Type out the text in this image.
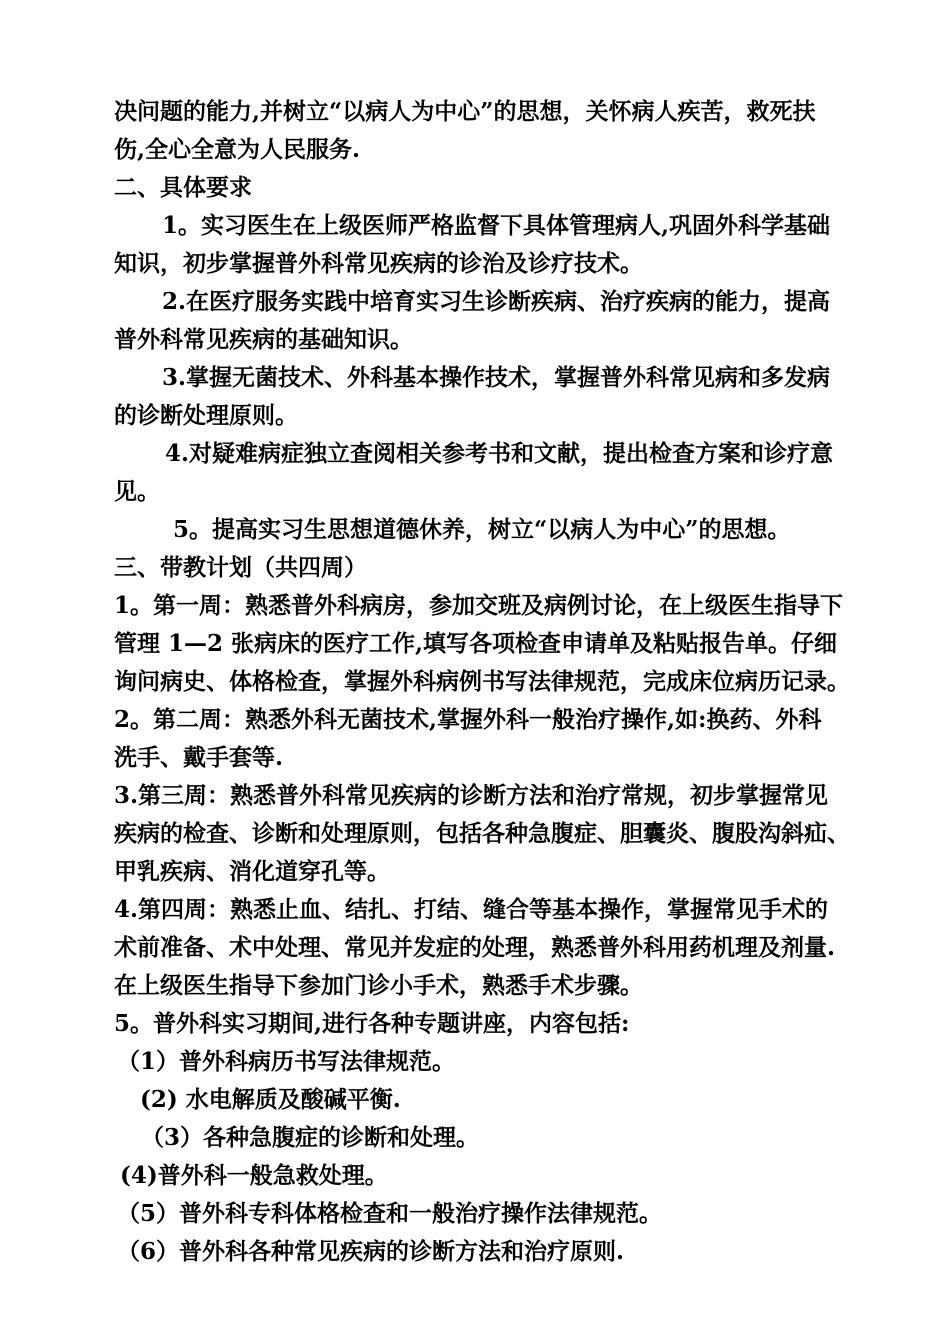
决问题的能力,并树立“以病人为中心”的思想，关怀病人疾苦，救死扶
伤,全心全意为人民服务.
二、具体要求
1。实习医生在上级医师严格监督下具体管理病人,巩固外科学基础
知识，初步掌握普外科常见疾病的诊治及诊疗技术。
2.在医疗服务实践中培育实习生诊断疾病、治疗疾病的能力，提高
普外科常见疾病的基础知识。
3.掌握无菌技术、外科基本操作技术，掌握普外科常见病和多发病
的诊断处理原则。
4.对疑难病症独立查阅相关参考书和文献，提出检查方案和诊疗意
见。
5。提高实习生思想道德休养，树立“以病人为中心”的思想。
三、带教计划（共四周）
1。第一周：熟悉普外科病房，参加交班及病例讨论，在上级医生指导下
管理 1—2 张病床的医疗工作,填写各项检查申请单及粘贴报告单。仔细
询问病史、体格检查，掌握外科病例书写法律规范，完成床位病历记录。
2。第二周：熟悉外科无菌技术,掌握外科一般治疗操作,如:换药、外科
洗手、戴手套等.
3.第三周：熟悉普外科常见疾病的诊断方法和治疗常规，初步掌握常见
疾病的检查、诊断和处理原则，包括各种急腹症、胆囊炎、腹股沟斜疝、
甲乳疾病、消化道穿孔等。
4.第四周：熟悉止血、结扎、打结、缝合等基本操作，掌握常见手术的
术前准备、术中处理、常见并发症的处理，熟悉普外科用药机理及剂量.
在上级医生指导下参加门诊小手术，熟悉手术步骤。
5。普外科实习期间,进行各种专题讲座，内容包括:
（1）普外科病历书写法律规范。
(2) 水电解质及酸碱平衡.
（3）各种急腹症的诊断和处理。
(4)普外科一般急救处理。
（5）普外科专科体格检查和一般治疗操作法律规范。
（6）普外科各种常见疾病的诊断方法和治疗原则.
